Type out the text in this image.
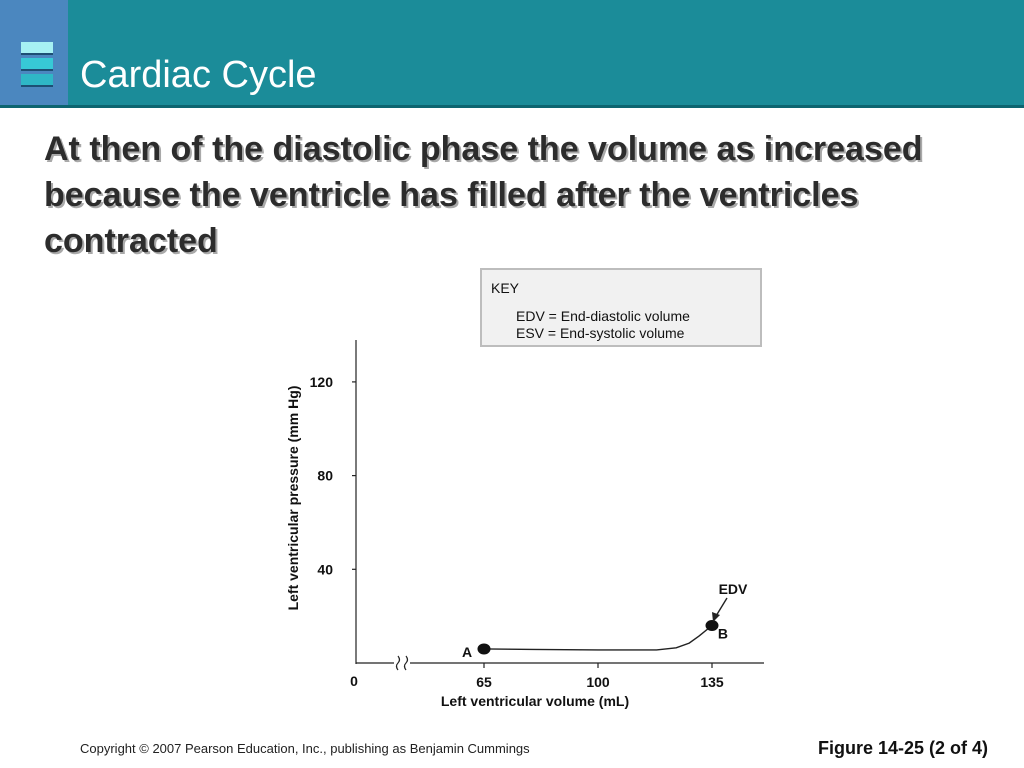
Cardiac Cycle
At then of the diastolic phase the volume as increased because the ventricle has filled after the ventricles contracted
KEY
EDV = End-diastolic volume
ESV = End-systolic volume
40
80
120
0	65	100	135
Left ventricular volume (mL)
Left ventricular pressure (mm Hg)
A
B
EDV
Copyright © 2007 Pearson Education, Inc., publishing as Benjamin Cummings	Figure 14-25 (2 of 4)
